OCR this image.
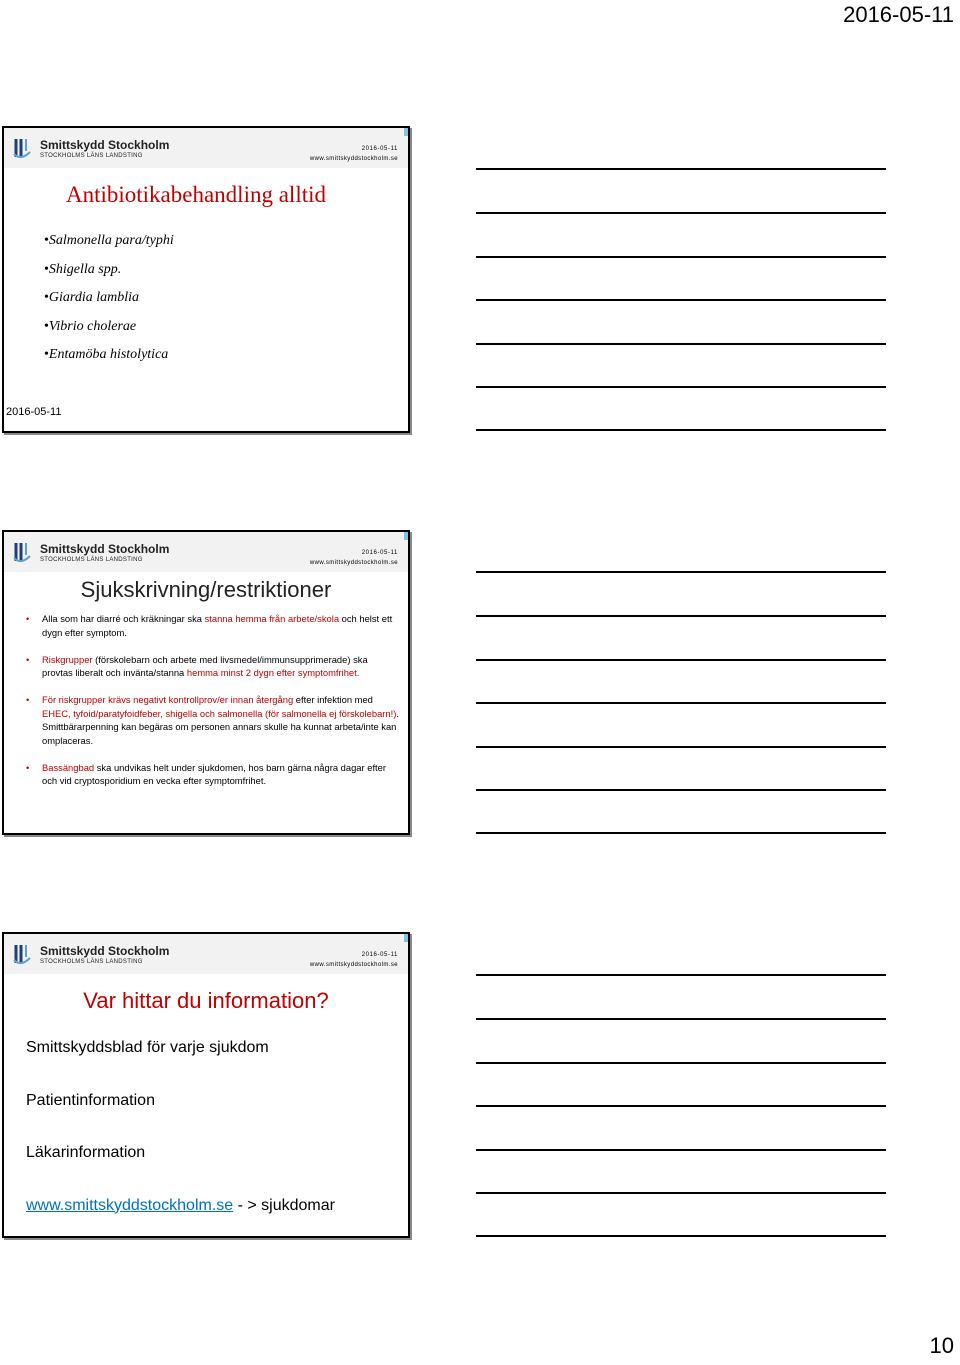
2016-05-11
Smittskydd Stockholm
STOCKHOLMS LÄNS LANDSTING
2016-05-11
www.smittskyddstockholm.se
Antibiotikabehandling alltid
• Salmonella para/typhi
• Shigella spp.
• Giardia lamblia
• Vibrio cholerae
• Entamöba histolytica
2016-05-11
Smittskydd Stockholm
STOCKHOLMS LÄNS LANDSTING
2016-05-11
www.smittskyddstockholm.se
Sjukskrivning/restriktioner
• Alla som har diarré och kräkningar ska stanna hemma från arbete/skola och helst ett dygn efter symptom.
• Riskgrupper (förskolebarn och arbete med livsmedel/immunsupprimerade) ska provtas liberalt och invänta/stanna hemma minst 2 dygn efter symptomfrihet.
• För riskgrupper krävs negativt kontrollprov/er innan återgång efter infektion med EHEC, tyfoid/paratyfoidfeber, shigella och salmonella (för salmonella ej förskolebarn!). Smittbärarpenning kan begäras om personen annars skulle ha kunnat arbeta/inte kan omplaceras.
• Bassängbad ska undvikas helt under sjukdomen, hos barn gärna några dagar efter och vid cryptosporidium en vecka efter symptomfrihet.
Smittskydd Stockholm
STOCKHOLMS LÄNS LANDSTING
2016-05-11
www.smittskyddstockholm.se
Var hittar du information?
Smittskyddsblad för varje sjukdom
Patientinformation
Läkarinformation
www.smittskyddstockholm.se - > sjukdomar
10
